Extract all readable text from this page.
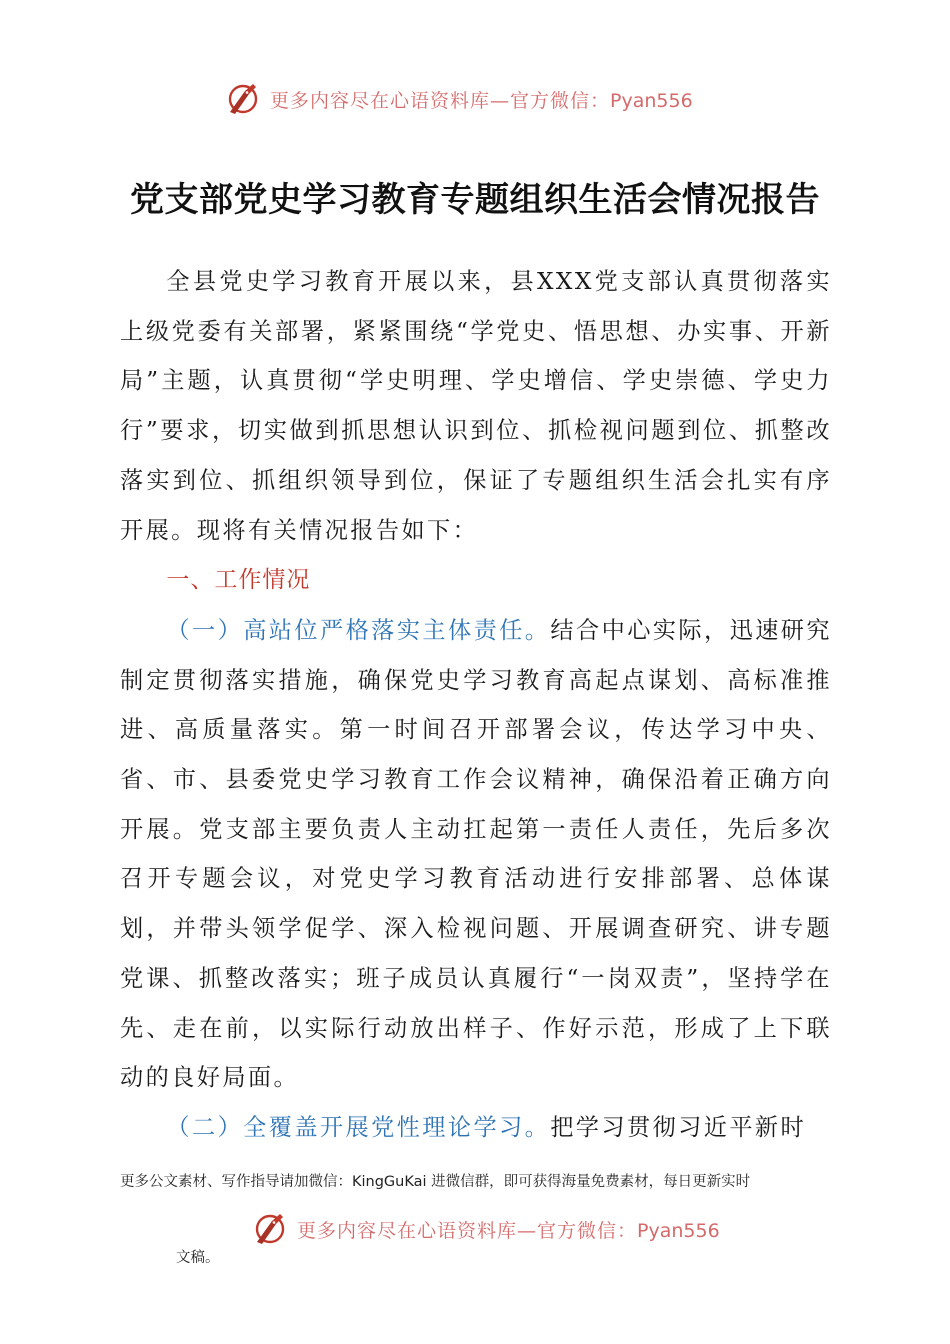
更多内容尽在心语资料库—官方微信：Pyan556
党支部党史学习教育专题组织生活会情况报告

全县党史学习教育开展以来，县XXX党支部认真贯彻落实上级党委有关部署，紧紧围绕“学党史、悟思想、办实事、开新局”主题，认真贯彻“学史明理、学史增信、学史崇德、学史力行”要求，切实做到抓思想认识到位、抓检视问题到位、抓整改落实到位、抓组织领导到位，保证了专题组织生活会扎实有序开展。现将有关情况报告如下：

一、工作情况

（一）高站位严格落实主体责任。结合中心实际，迅速研究制定贯彻落实措施，确保党史学习教育高起点谋划、高标准推进、高质量落实。第一时间召开部署会议，传达学习中央、省、市、县委党史学习教育工作会议精神，确保沿着正确方向开展。党支部主要负责人主动扛起第一责任人责任，先后多次召开专题会议，对党史学习教育活动进行安排部署、总体谋划，并带头领学促学、深入检视问题、开展调查研究、讲专题党课、抓整改落实；班子成员认真履行“一岗双责”，坚持学在先、走在前，以实际行动放出样子、作好示范，形成了上下联动的良好局面。

（二）全覆盖开展党性理论学习。把学习贯彻习近平新时

更多公文素材、写作指导请加微信：KingGuKai 进微信群，即可获得海量免费素材，每日更新实时
更多内容尽在心语资料库—官方微信：Pyan556
文稿。
